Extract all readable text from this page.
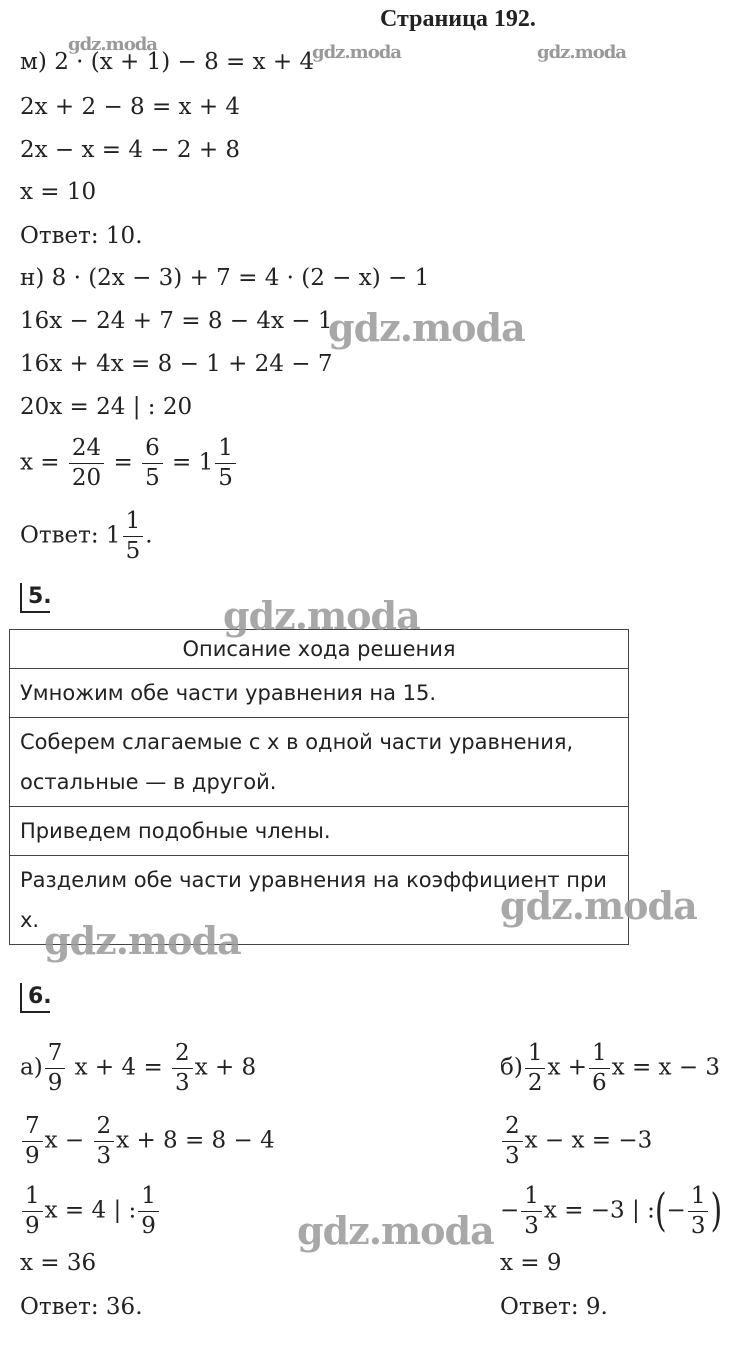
Страница 192.
м) 2 · (x + 1) − 8 = x + 4
2x + 2 − 8 = x + 4
2x − x = 4 − 2 + 8
x = 10
Ответ: 10.
н) 8 · (2x − 3) + 7 = 4 · (2 − x) − 1
16x − 24 + 7 = 8 − 4x − 1
16x + 4x = 8 − 1 + 24 − 7
20x = 24 | : 20
$x = \frac{24}{20} = \frac{6}{5} = 1 \frac{1}{5}$
Ответ: $1 \frac{1}{5}$ .
5.
Описание хода решения
Умножим обе части уравнения на 15.
Соберем слагаемые с x в одной части уравнения, остальные — в другой.
Приведем подобные члены.
Разделим обе части уравнения на коэффициент при x.
6.
$а) \frac{7}{9}$ $x + 4 = \frac{2}{3}$ x + 8
$\frac{7}{9}$ $x - \frac{2}{3}$ x + 8 = 8 − 4
$\frac{1}{9}$ x = 4 | : $\frac{1}{9}$
x = 36
Ответ: 36.
$б) \frac{1}{2}$ $x + \frac{1}{6}$ x = x − 3
$\frac{2}{3}$ x − x = −3
− $\frac{1}{3}$ x = −3 | :(− $\frac{1}{3}$ )
x = 9
Ответ: 9.
gdz.moda	gdz.moda	gdz.moda
gdz.moda
gdz.moda
gdz.moda
gdz.moda
gdz.moda
